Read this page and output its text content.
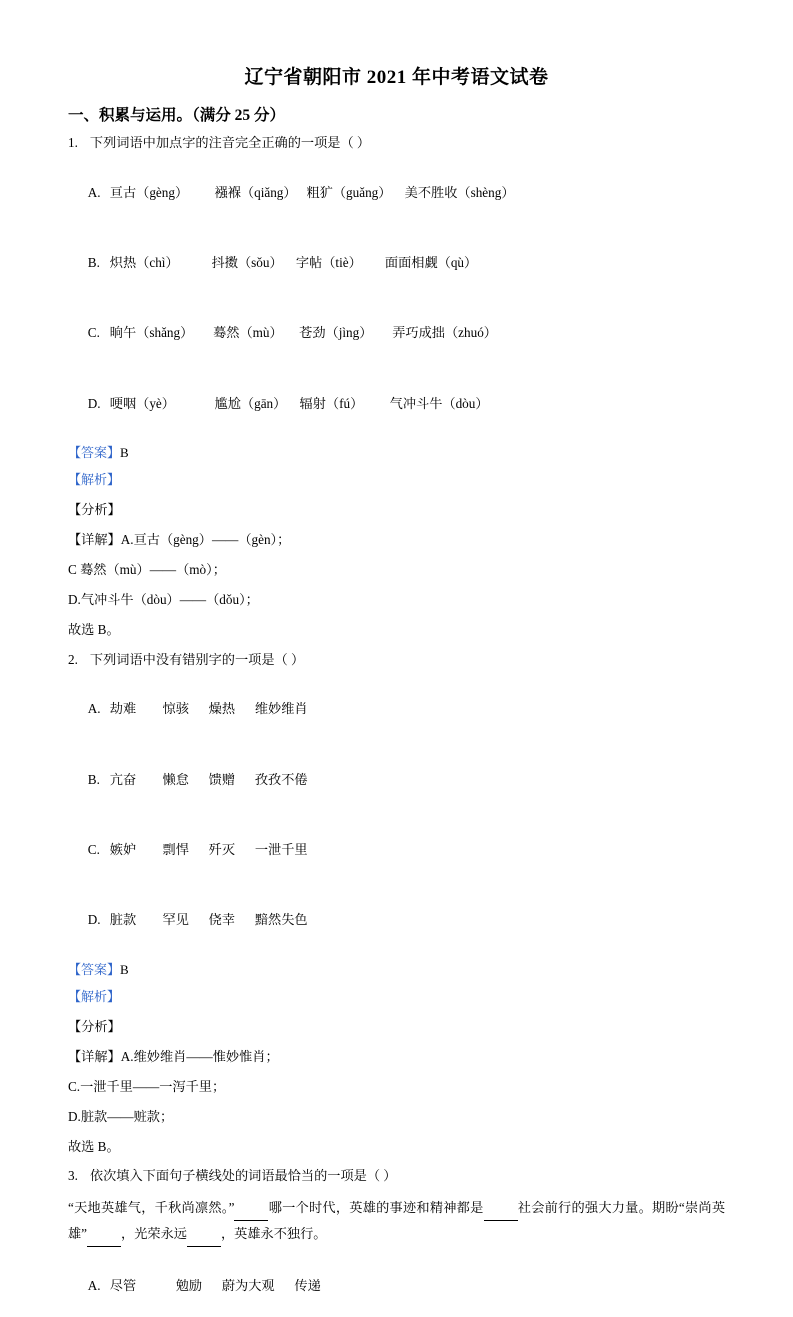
辽宁省朝阳市 2021 年中考语文试卷
一、积累与运用。（满分 25 分）
1. 下列词语中加点字的注音完全正确的一项是（ ）

A. 亘古（gèng）        襁褓（qiǎng）   粗犷（guǎng）    美不胜收（shèng）

B. 炽热（chì）          抖擞（sǒu）    字帖（tiè）       面面相觑（qù）

C. 晌午（shǎng）      蓦然（mù）     苍劲（jìng）      弄巧成拙（zhuó）

D. 哽咽（yè）            尴尬（gān）    辐射（fú）        气冲斗牛（dòu）

【答案】B
【解析】
【分析】
【详解】A.亘古（gèng）——（gèn）；
C 蓦然（mù）——（mò）；
D.气冲斗牛（dòu）——（dǒu）；
故选 B。
2. 下列词语中没有错别字的一项是（ ）

A. 劫难        惊骇      燥热      维妙维肖

B. 亢奋        懒怠      馈赠      孜孜不倦

C. 嫉妒        剽悍      歼灭      一泄千里

D. 脏款        罕见      侥幸      黯然失色

【答案】B
【解析】
【分析】
【详解】A.维妙维肖——惟妙惟肖；
C.一泄千里——一泻千里；
D.脏款——赃款；
故选 B。
3. 依次填入下面句子横线处的词语最恰当的一项是（ ）
“天地英雄气，千秋尚凛然。”	哪一个时代，英雄的事迹和精神都是	社会前行的强大力量。期盼“崇尚英雄”	，光荣永远	，英雄永不独行。

A. 尽管            勉励      蔚为大观      传递
